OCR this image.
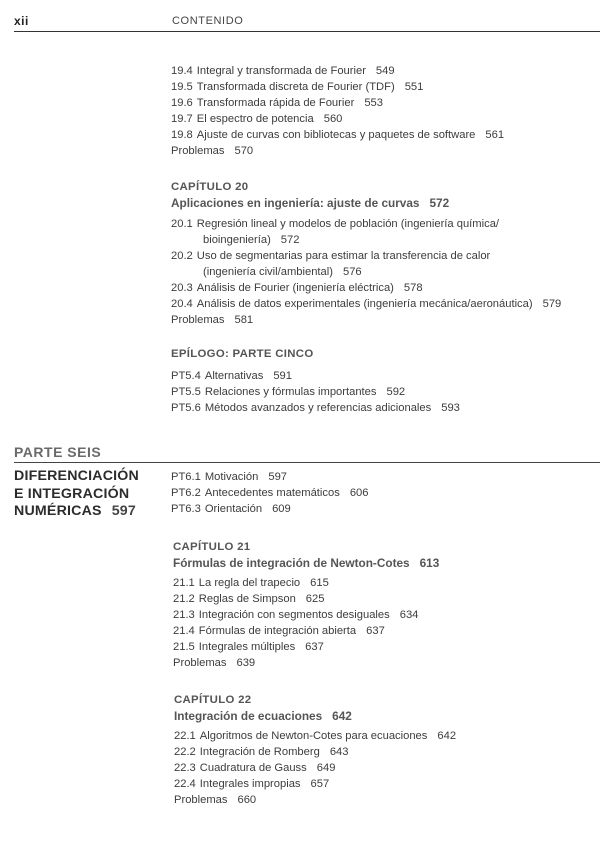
xii	CONTENIDO
19.4 Integral y transformada de Fourier 549
19.5 Transformada discreta de Fourier (TDF) 551
19.6 Transformada rápida de Fourier 553
19.7 El espectro de potencia 560
19.8 Ajuste de curvas con bibliotecas y paquetes de software 561
Problemas 570
CAPÍTULO 20
Aplicaciones en ingeniería: ajuste de curvas 572
20.1 Regresión lineal y modelos de población (ingeniería química/
bioingeniería) 572
20.2 Uso de segmentarias para estimar la transferencia de calor
(ingeniería civil/ambiental) 576
20.3 Análisis de Fourier (ingeniería eléctrica) 578
20.4 Análisis de datos experimentales (ingeniería mecánica/aeronáutica) 579
Problemas 581
EPÍLOGO: PARTE CINCO
PT5.4 Alternativas 591
PT5.5 Relaciones y fórmulas importantes 592
PT5.6 Métodos avanzados y referencias adicionales 593
PARTE SEIS
DIFERENCIACIÓN
E INTEGRACIÓN
NUMÉRICAS 597
PT6.1 Motivación 597
PT6.2 Antecedentes matemáticos 606
PT6.3 Orientación 609
CAPÍTULO 21
Fórmulas de integración de Newton-Cotes 613
21.1 La regla del trapecio 615
21.2 Reglas de Simpson 625
21.3 Integración con segmentos desiguales 634
21.4 Fórmulas de integración abierta 637
21.5 Integrales múltiples 637
Problemas 639
CAPÍTULO 22
Integración de ecuaciones 642
22.1 Algoritmos de Newton-Cotes para ecuaciones 642
22.2 Integración de Romberg 643
22.3 Cuadratura de Gauss 649
22.4 Integrales impropias 657
Problemas 660
